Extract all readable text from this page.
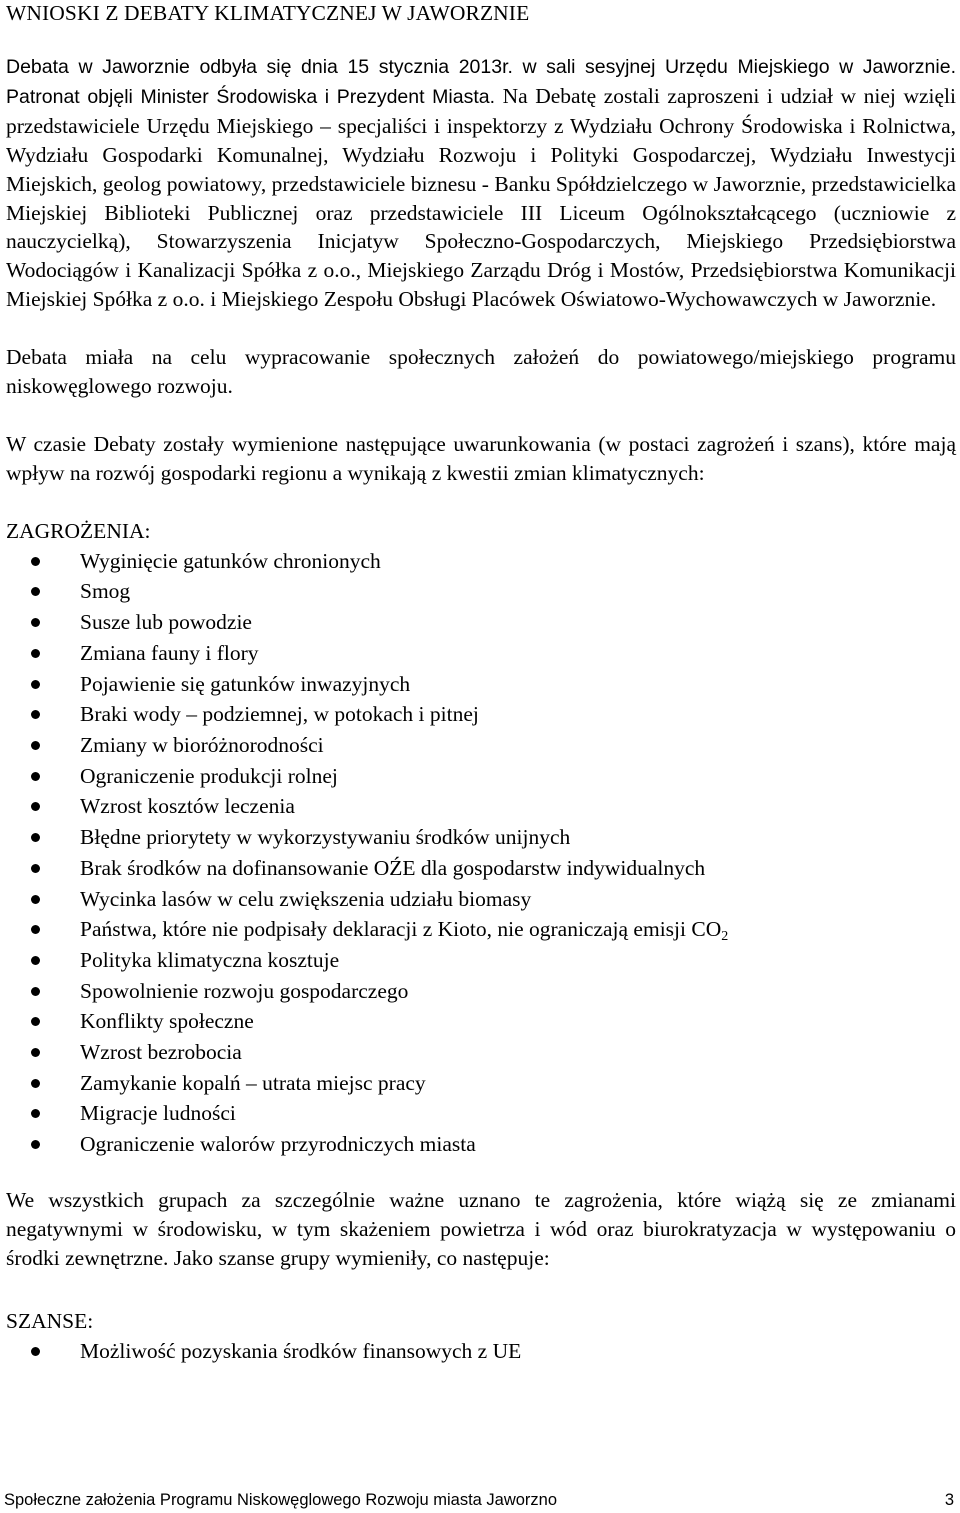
WNIOSKI Z DEBATY KLIMATYCZNEJ W JAWORZNIE

Debata w Jaworznie odbyła się dnia 15 stycznia 2013r. w sali sesyjnej Urzędu Miejskiego w Jaworznie. Patronat objęli Minister Środowiska i Prezydent Miasta. Na Debatę zostali zaproszeni i udział w niej wzięli przedstawiciele Urzędu Miejskiego – specjaliści i inspektorzy z Wydziału Ochrony Środowiska i Rolnictwa, Wydziału Gospodarki Komunalnej, Wydziału Rozwoju i Polityki Gospodarczej, Wydziału Inwestycji Miejskich, geolog powiatowy, przedstawiciele biznesu - Banku Spółdzielczego w Jaworznie, przedstawicielka Miejskiej Biblioteki Publicznej oraz przedstawiciele III Liceum Ogólnokształcącego (uczniowie z nauczycielką), Stowarzyszenia Inicjatyw Społeczno-Gospodarczych, Miejskiego Przedsiębiorstwa Wodociągów i Kanalizacji Spółka z o.o., Miejskiego Zarządu Dróg i Mostów, Przedsiębiorstwa Komunikacji Miejskiej Spółka z o.o. i Miejskiego Zespołu Obsługi Placówek Oświatowo-Wychowawczych w Jaworznie.

Debata miała na celu wypracowanie społecznych założeń do powiatowego/miejskiego programu niskowęglowego rozwoju.

W czasie Debaty zostały wymienione następujące uwarunkowania (w postaci zagrożeń i szans), które mają wpływ na rozwój gospodarki regionu a wynikają z kwestii zmian klimatycznych:

ZAGROŻENIA:
Wyginięcie gatunków chronionych
Smog
Susze lub powodzie
Zmiana fauny i flory
Pojawienie się gatunków inwazyjnych
Braki wody – podziemnej, w potokach i pitnej
Zmiany w bioróżnorodności
Ograniczenie produkcji rolnej
Wzrost kosztów leczenia
Błędne priorytety w wykorzystywaniu środków unijnych
Brak środków na dofinansowanie OŹE dla gospodarstw indywidualnych
Wycinka lasów w celu zwiększenia udziału biomasy
Państwa, które nie podpisały deklaracji z Kioto, nie ograniczają emisji $CO_2$
Polityka klimatyczna kosztuje
Spowolnienie rozwoju gospodarczego
Konflikty społeczne
Wzrost bezrobocia
Zamykanie kopalń – utrata miejsc pracy
Migracje ludności
Ograniczenie walorów przyrodniczych miasta

We wszystkich grupach za szczególnie ważne uznano te zagrożenia, które wiążą się ze zmianami negatywnymi w środowisku, w tym skażeniem powietrza i wód oraz biurokratyzacja w występowaniu o środki zewnętrzne. Jako szanse grupy wymieniły, co następuje:

SZANSE:
Możliwość pozyskania środków finansowych z UE
Społeczne założenia Programu Niskowęglowego Rozwoju miasta Jaworzno	3
